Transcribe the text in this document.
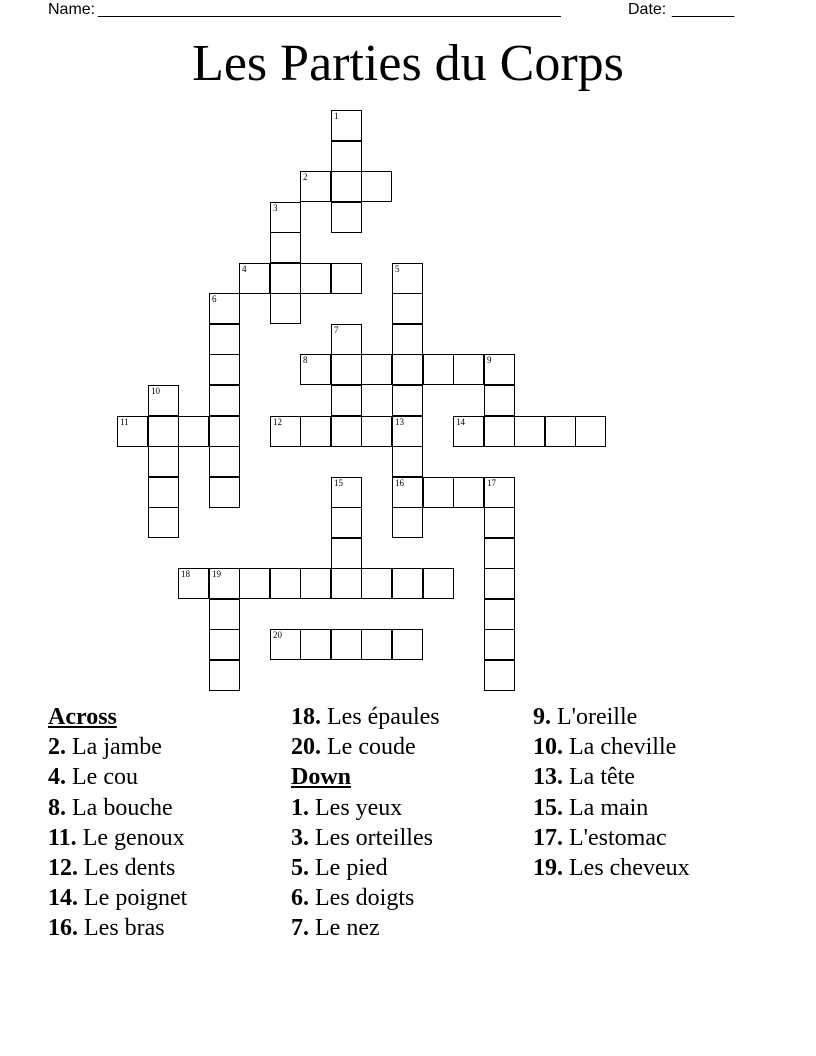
Name: ____________________________________________________	Date: _______
Les Parties du Corps
1
2
3
4	5
6
7
8	9
10
11	12	13
16
14
15	17
18 19
20
Across
2. La jambe
4. Le cou
8. La bouche
11. Le genoux
12. Les dents
14. Le poignet
16. Les bras
18. Les épaules
20. Le coude
Down
1. Les yeux
3. Les orteilles
5. Le pied
6. Les doigts
7. Le nez
9. L'oreille
10. La cheville
13. La tête
15. La main
17. L'estomac
19. Les cheveux
